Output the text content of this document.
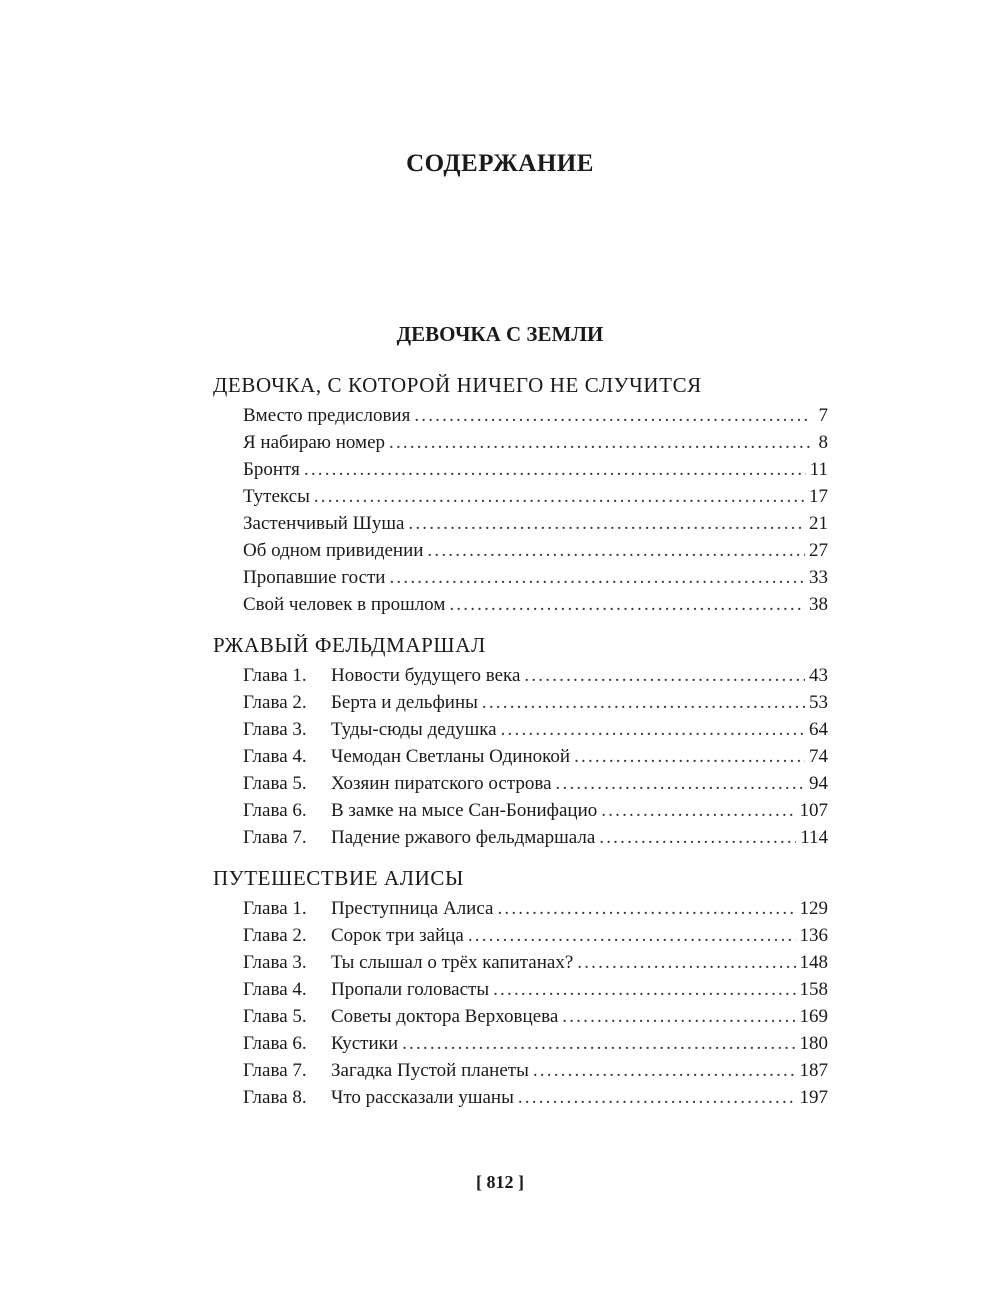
СОДЕРЖАНИЕ
ДЕВОЧКА С ЗЕМЛИ
ДЕВОЧКА, С КОТОРОЙ НИЧЕГО НЕ СЛУЧИТСЯ
Вместо предисловия .....	7
Я набираю номер .....	8
Бронтя .....	11
Тутексы .....	17
Застенчивый Шуша .....	21
Об одном привидении .....	27
Пропавшие гости .....	33
Свой человек в прошлом .....	38
РЖАВЫЙ ФЕЛЬДМАРШАЛ
Глава 1.	Новости будущего века .....	43
Глава 2.	Берта и дельфины .....	53
Глава 3.	Туды-сюды дедушка .....	64
Глава 4.	Чемодан Светланы Одинокой .....	74
Глава 5.	Хозяин пиратского острова .....	94
Глава 6.	В замке на мысе Сан-Бонифацио .....	107
Глава 7.	Падение ржавого фельдмаршала .....	114
ПУТЕШЕСТВИЕ АЛИСЫ
Глава 1.	Преступница Алиса .....	129
Глава 2.	Сорок три зайца .....	136
Глава 3.	Ты слышал о трёх капитанах? .....	148
Глава 4.	Пропали головасты .....	158
Глава 5.	Советы доктора Верховцева .....	169
Глава 6.	Кустики .....	180
Глава 7.	Загадка Пустой планеты .....	187
Глава 8.	Что рассказали ушаны .....	197
[ 812 ]
